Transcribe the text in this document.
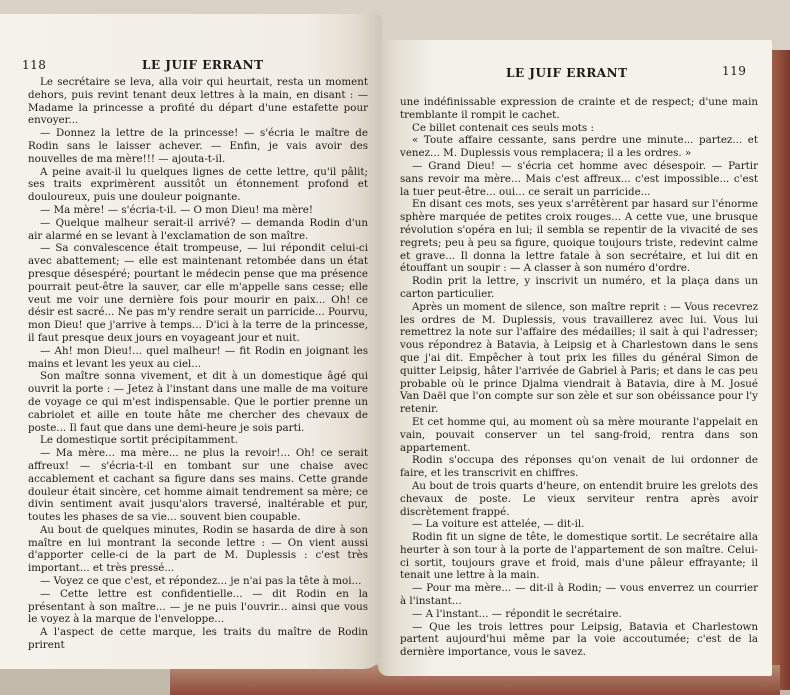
118	LE JUIF ERRANT

Le secrétaire se leva, alla voir qui heurtait, resta un moment dehors, puis revint tenant deux lettres à la main, en disant : — Madame la princesse a profité du départ d'une estafette pour envoyer...

— Donnez la lettre de la princesse! — s'écria le maître de Rodin sans le laisser achever. — Enfin, je vais avoir des nouvelles de ma mère!!! — ajouta-t-il.

A peine avait-il lu quelques lignes de cette lettre, qu'il pâlit; ses traits exprimèrent aussitôt un étonnement profond et douloureux, puis une douleur poignante.

— Ma mère! — s'écria-t-il. — O mon Dieu! ma mère!

— Quelque malheur serait-il arrivé? — demanda Rodin d'un air alarmé en se levant à l'exclamation de son maître.

— Sa convalescence était trompeuse, — lui répondit celui-ci avec abattement; — elle est maintenant retombée dans un état presque désespéré; pourtant le médecin pense que ma présence pourrait peut-être la sauver, car elle m'appelle sans cesse; elle veut me voir une dernière fois pour mourir en paix... Oh! ce désir est sacré... Ne pas m'y rendre serait un parricide... Pourvu, mon Dieu! que j'arrive à temps... D'ici à la terre de la princesse, il faut presque deux jours en voyageant jour et nuit.

— Ah! mon Dieu!... quel malheur! — fit Rodin en joignant les mains et levant les yeux au ciel...

Son maître sonna vivement, et dit à un domestique âgé qui ouvrit la porte : — Jetez à l'instant dans une malle de ma voiture de voyage ce qui m'est indispensable. Que le portier prenne un cabriolet et aille en toute hâte me chercher des chevaux de poste... Il faut que dans une demi-heure je sois parti.

Le domestique sortit précipitamment.

— Ma mère... ma mère... ne plus la revoir!... Oh! ce serait affreux! — s'écria-t-il en tombant sur une chaise avec accablement et cachant sa figure dans ses mains. Cette grande douleur était sincère, cet homme aimait tendrement sa mère; ce divin sentiment avait jusqu'alors traversé, inaltérable et pur, toutes les phases de sa vie... souvent bien coupable.

Au bout de quelques minutes, Rodin se hasarda de dire à son maître en lui montrant la seconde lettre : — On vient aussi d'apporter celle-ci de la part de M. Duplessis : c'est très important... et très pressé...

— Voyez ce que c'est, et répondez... je n'ai pas la tête à moi...

— Cette lettre est confidentielle... — dit Rodin en la présentant à son maître... — je ne puis l'ouvrir... ainsi que vous le voyez à la marque de l'enveloppe...

A l'aspect de cette marque, les traits du maître de Rodin prirent

LE JUIF ERRANT	119

une indéfinissable expression de crainte et de respect; d'une main tremblante il rompit le cachet.

Ce billet contenait ces seuls mots :

« Toute affaire cessante, sans perdre une minute... partez... et venez... M. Duplessis vous remplacera; il a les ordres. »

— Grand Dieu! — s'écria cet homme avec désespoir. — Partir sans revoir ma mère... Mais c'est affreux... c'est impossible... c'est la tuer peut-être... oui... ce serait un parricide...

En disant ces mots, ses yeux s'arrêtèrent par hasard sur l'énorme sphère marquée de petites croix rouges... A cette vue, une brusque révolution s'opéra en lui; il sembla se repentir de la vivacité de ses regrets; peu à peu sa figure, quoique toujours triste, redevint calme et grave... Il donna la lettre fatale à son secrétaire, et lui dit en étouffant un soupir : — A classer à son numéro d'ordre.

Rodin prit la lettre, y inscrivit un numéro, et la plaça dans un carton particulier.

Après un moment de silence, son maître reprit : — Vous recevrez les ordres de M. Duplessis, vous travaillerez avec lui. Vous lui remettrez la note sur l'affaire des médailles; il sait à qui l'adresser; vous répondrez à Batavia, à Leipsig et à Charlestown dans le sens que j'ai dit. Empêcher à tout prix les filles du général Simon de quitter Leipsig, hâter l'arrivée de Gabriel à Paris; et dans le cas peu probable où le prince Djalma viendrait à Batavia, dire à M. Josué Van Daël que l'on compte sur son zèle et sur son obéissance pour l'y retenir.

Et cet homme qui, au moment où sa mère mourante l'appelait en vain, pouvait conserver un tel sang-froid, rentra dans son appartement.

Rodin s'occupa des réponses qu'on venait de lui ordonner de faire, et les transcrivit en chiffres.

Au bout de trois quarts d'heure, on entendit bruire les grelots des chevaux de poste. Le vieux serviteur rentra après avoir discrètement frappé.

— La voiture est attelée, — dit-il.

Rodin fit un signe de tête, le domestique sortit. Le secrétaire alla heurter à son tour à la porte de l'appartement de son maître. Celui-ci sortit, toujours grave et froid, mais d'une pâleur effrayante; il tenait une lettre à la main.

— Pour ma mère... — dit-il à Rodin; — vous enverrez un courrier à l'instant...

— A l'instant... — répondit le secrétaire.

— Que les trois lettres pour Leipsig, Batavia et Charlestown partent aujourd'hui même par la voie accoutumée; c'est de la dernière importance, vous le savez.
